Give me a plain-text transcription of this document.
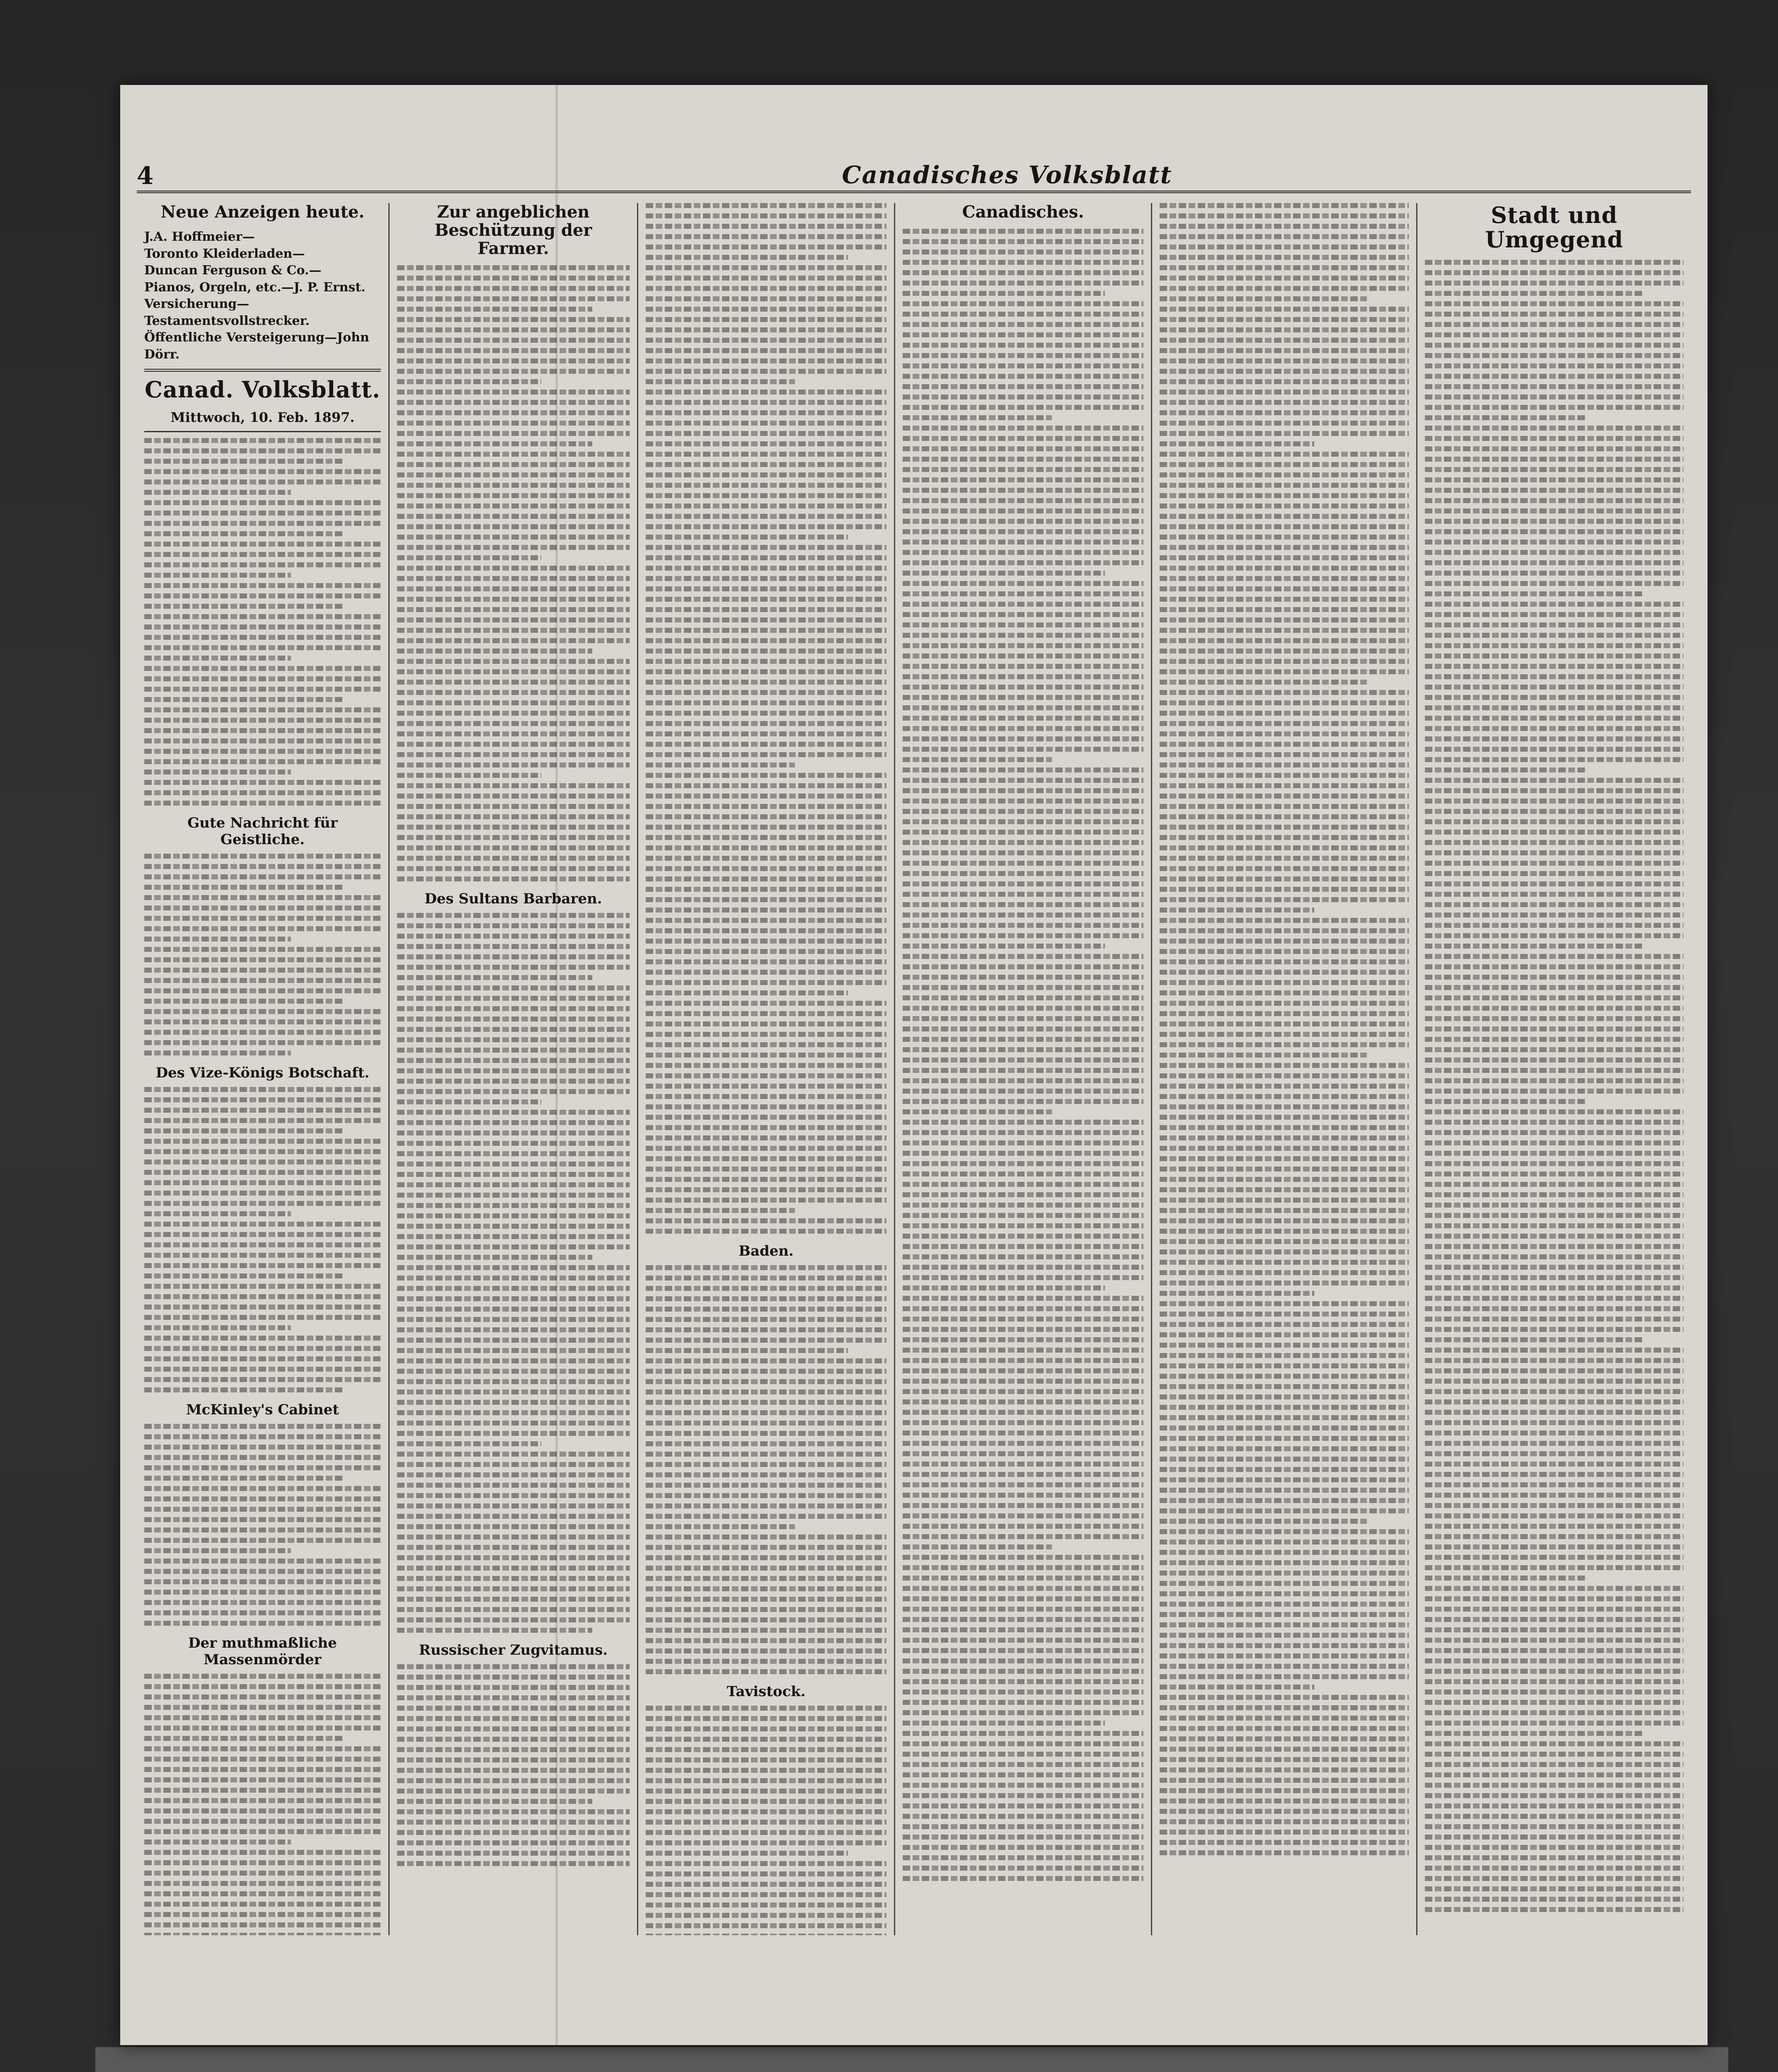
4	Canadisches Volksblatt
Neue Anzeigen heute.
J.A. Hoffmeier—
Toronto Kleiderladen—
Duncan Ferguson & Co.—
Pianos, Orgeln, etc.—J. P. Ernst.
Versicherung—Testamentsvollstrecker.
Öffentliche Versteigerung—John Dörr.
Canad. Volksblatt.
Mittwoch, 10. Feb. 1897.
Gute Nachricht für Geistliche.
Des Vize-Königs Botschaft.
McKinley's Cabinet
Der muthmaßliche Massenmörder
Zur angeblichen Beschützung der Farmer.
Des Sultans Barbaren.
Russischer Zugvitamus.
Baden.
Tavistock.
Canadisches.	Stadt und Umgegend
